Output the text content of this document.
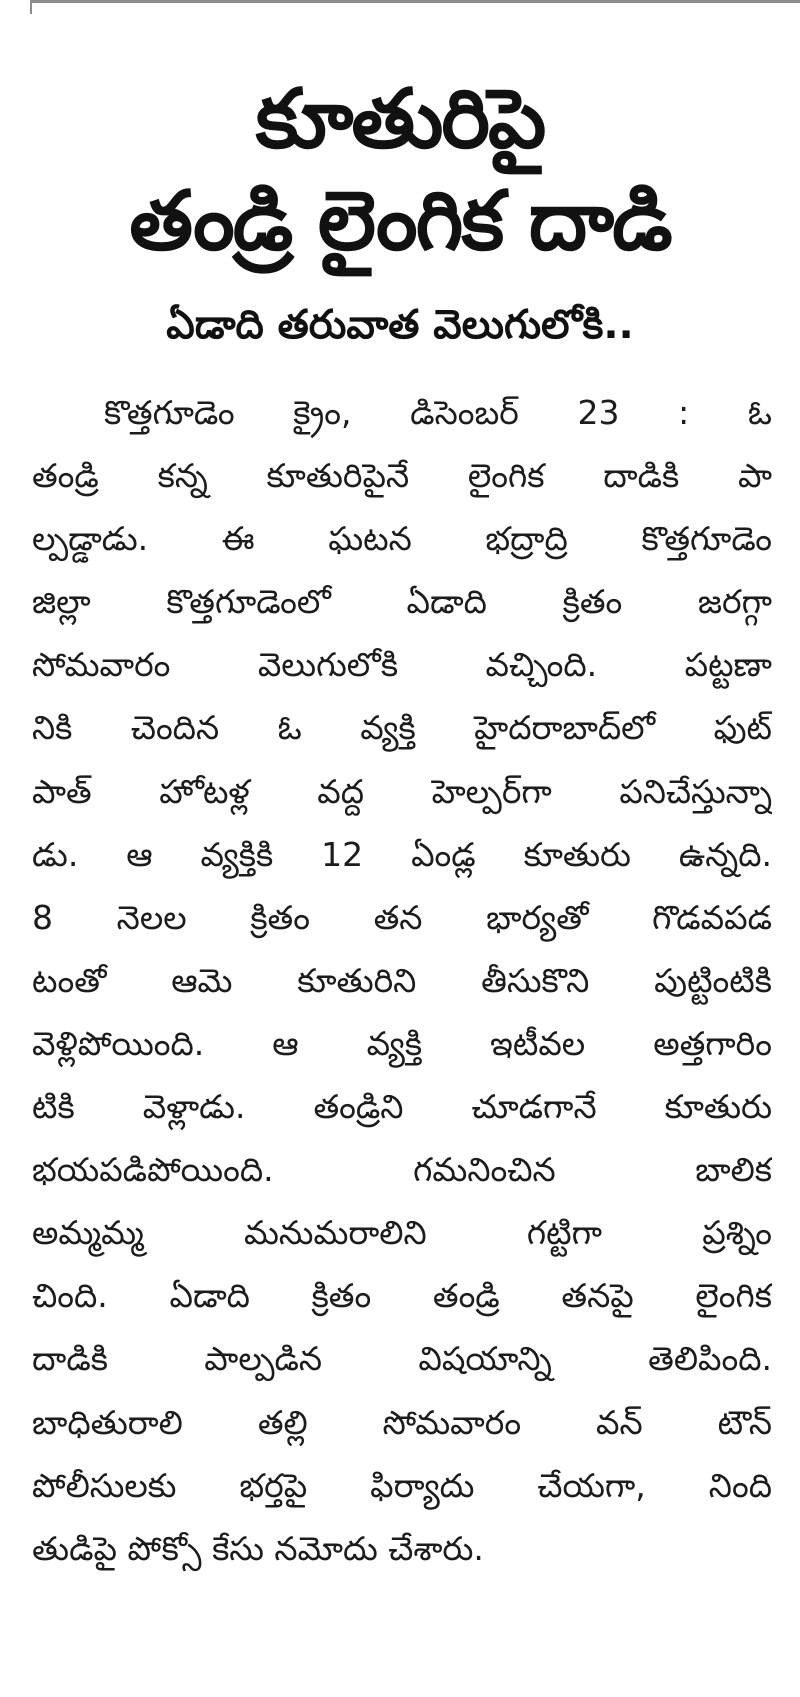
కూతురిపై
తండ్రి లైంగిక దాడి
ఏడాది తరువాత వెలుగులోకి..
కొత్తగూడెం క్రైం, డిసెంబర్ 23 : ఓ
తండ్రి కన్న కూతురిపైనే లైంగిక దాడికి పా
ల్పడ్డాడు. ఈ ఘటన భద్రాద్రి కొత్తగూడెం
జిల్లా కొత్తగూడెంలో ఏడాది క్రితం జరగ్గా
సోమవారం వెలుగులోకి వచ్చింది. పట్టణా
నికి చెందిన ఓ వ్యక్తి హైదరాబాద్‌లో ఫుట్
పాత్ హోటళ్ల వద్ద హెల్పర్‌గా పనిచేస్తున్నా
డు. ఆ వ్యక్తికి 12 ఏండ్ల కూతురు ఉన్నది.
8 నెలల క్రితం తన భార్యతో గొడవపడ
టంతో ఆమె కూతురిని తీసుకొని పుట్టింటికి
వెళ్లిపోయింది. ఆ వ్యక్తి ఇటీవల అత్తగారిం
టికి వెళ్లాడు. తండ్రిని చూడగానే కూతురు
భయపడిపోయింది. గమనించిన బాలిక
అమ్మమ్మ మనుమరాలిని గట్టిగా ప్రశ్నిం
చింది. ఏడాది క్రితం తండ్రి తనపై లైంగిక
దాడికి పాల్పడిన విషయాన్ని తెలిపింది.
బాధితురాలి తల్లి సోమవారం వన్ టౌన్
పోలీసులకు భర్తపై ఫిర్యాదు చేయగా, నింది
తుడిపై పోక్సో కేసు నమోదు చేశారు.
